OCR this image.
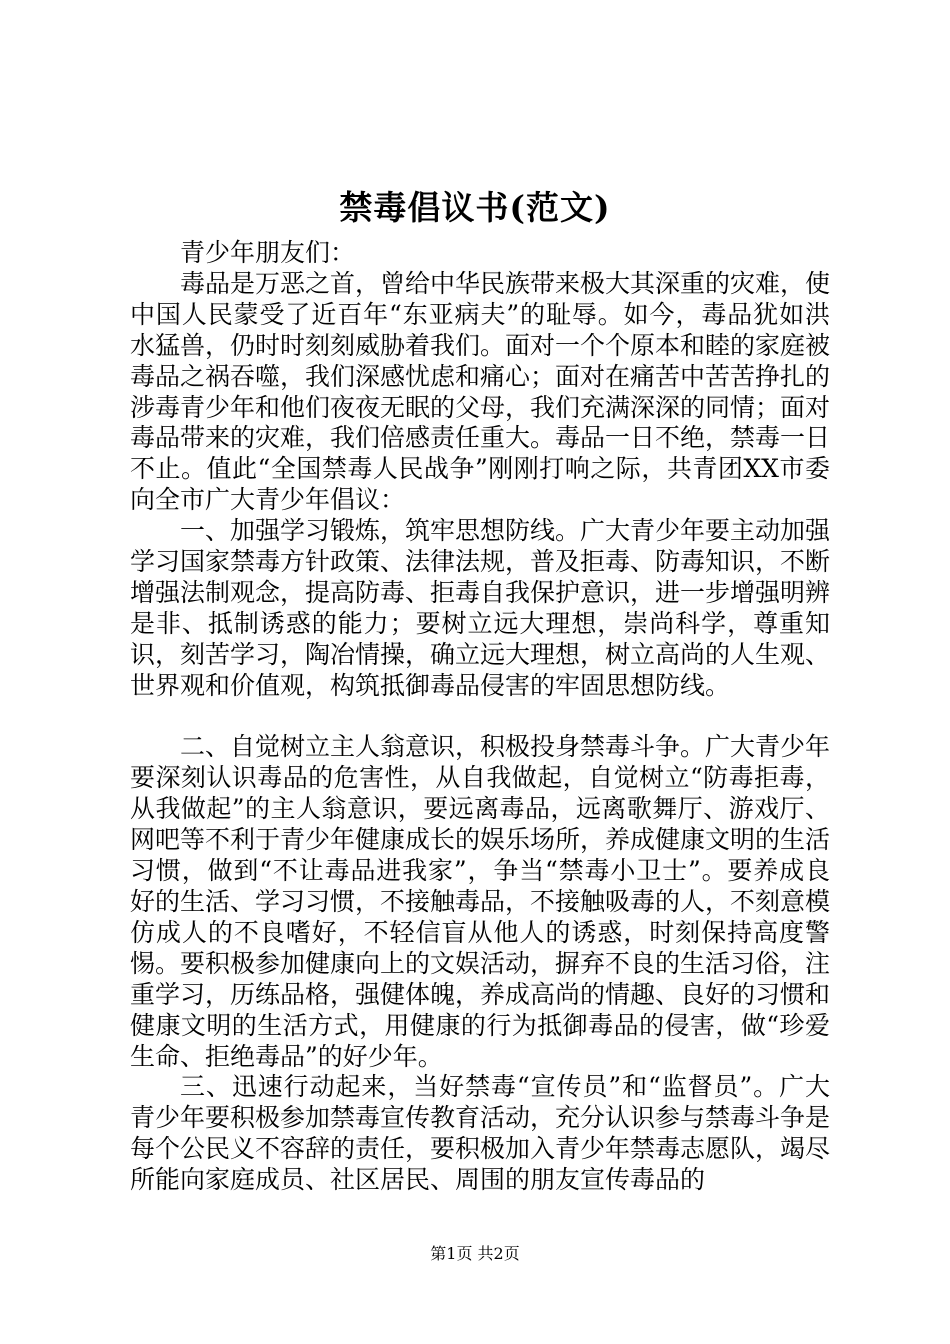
禁毒倡议书(范文)

青少年朋友们：

毒品是万恶之首，曾给中华民族带来极大其深重的灾难，使中国人民蒙受了近百年“东亚病夫”的耻辱。如今，毒品犹如洪水猛兽，仍时时刻刻威胁着我们。面对一个个原本和睦的家庭被毒品之祸吞噬，我们深感忧虑和痛心；面对在痛苦中苦苦挣扎的涉毒青少年和他们夜夜无眠的父母，我们充满深深的同情；面对毒品带来的灾难，我们倍感责任重大。毒品一日不绝，禁毒一日不止。值此“全国禁毒人民战争”刚刚打响之际，共青团XX市委向全市广大青少年倡议：

一、加强学习锻炼，筑牢思想防线。广大青少年要主动加强学习国家禁毒方针政策、法律法规，普及拒毒、防毒知识，不断增强法制观念，提高防毒、拒毒自我保护意识，进一步增强明辨是非、抵制诱惑的能力；要树立远大理想，崇尚科学，尊重知识，刻苦学习，陶冶情操，确立远大理想，树立高尚的人生观、世界观和价值观，构筑抵御毒品侵害的牢固思想防线。

二、自觉树立主人翁意识，积极投身禁毒斗争。广大青少年要深刻认识毒品的危害性，从自我做起，自觉树立“防毒拒毒，从我做起”的主人翁意识，要远离毒品，远离歌舞厅、游戏厅、网吧等不利于青少年健康成长的娱乐场所，养成健康文明的生活习惯，做到“不让毒品进我家”，争当“禁毒小卫士”。要养成良好的生活、学习习惯，不接触毒品，不接触吸毒的人，不刻意模仿成人的不良嗜好，不轻信盲从他人的诱惑，时刻保持高度警惕。要积极参加健康向上的文娱活动，摒弃不良的生活习俗，注重学习，历练品格，强健体魄，养成高尚的情趣、良好的习惯和健康文明的生活方式，用健康的行为抵御毒品的侵害，做“珍爱生命、拒绝毒品”的好少年。

三、迅速行动起来，当好禁毒“宣传员”和“监督员”。广大青少年要积极参加禁毒宣传教育活动，充分认识参与禁毒斗争是每个公民义不容辞的责任，要积极加入青少年禁毒志愿队，竭尽所能向家庭成员、社区居民、周围的朋友宣传毒品的

第1页 共2页
